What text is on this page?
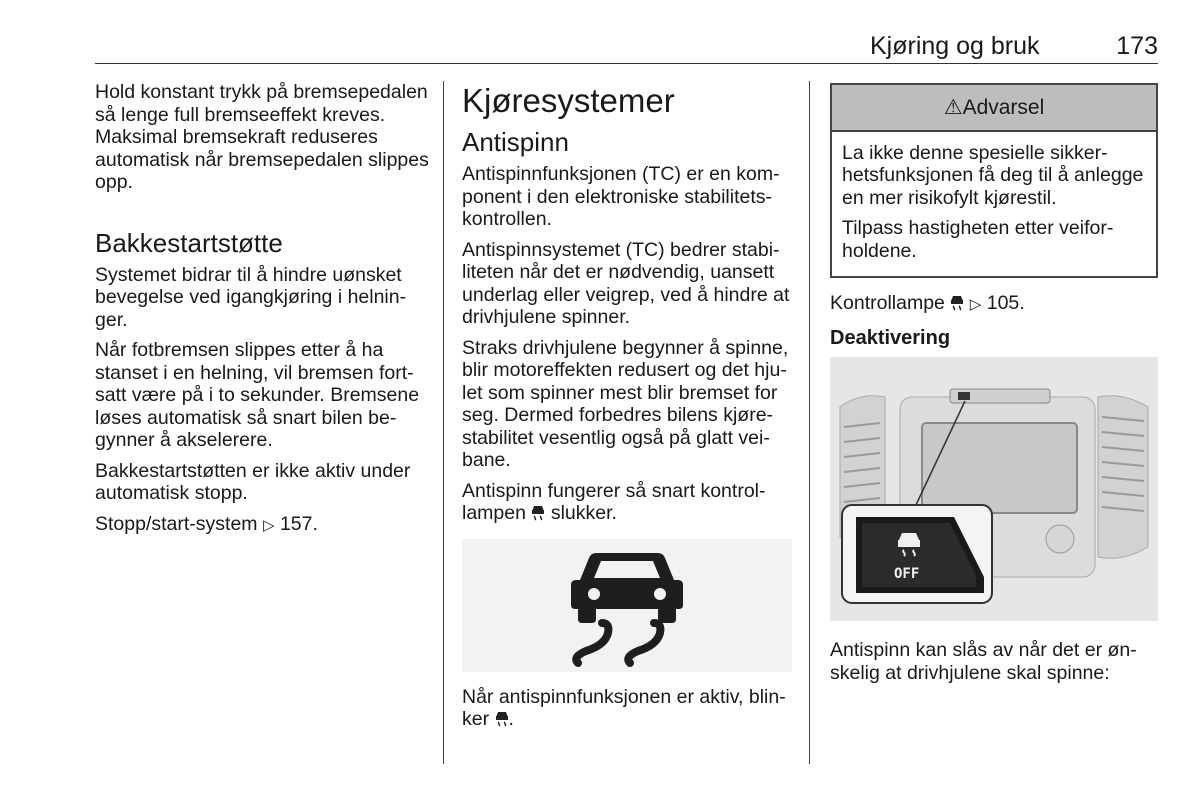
Kjøring og bruk	173

Hold konstant trykk på bremsepedalen så lenge full bremseeffekt kreves. Maksimal bremsekraft reduseres automatisk når bremsepedalen slippes opp.

Bakkestartstøtte

Systemet bidrar til å hindre uønsket bevegelse ved igangkjøring i helninger.

Når fotbremsen slippes etter å ha stanset i en helning, vil bremsen fortsatt være på i to sekunder. Bremsene løses automatisk så snart bilen begynner å akselerere.

Bakkestartstøtten er ikke aktiv under automatisk stopp.

Stopp/start-system ▷ 157.

Kjøresystemer
Antispinn

Antispinnfunksjonen (TC) er en komponent i den elektroniske stabilitetskontrollen.

Antispinnsystemet (TC) bedrer stabiliteten når det er nødvendig, uansett underlag eller veigrep, ved å hindre at drivhjulene spinner.

Straks drivhjulene begynner å spinne, blir motoreffekten redusert og det hjulet som spinner mest blir bremset for seg. Dermed forbedres bilens kjørestabilitet vesentlig også på glatt veibane.

Antispinn fungerer så snart kontrollampen slukker.

Når antispinnfunksjonen er aktiv, blinker .

⚠Advarsel

La ikke denne spesielle sikkerhetsfunksjonen få deg til å anlegge en mer risikofylt kjørestil.

Tilpass hastigheten etter veiforholdene.

Kontrollampe ▷ 105.

Deaktivering
OFF

Antispinn kan slås av når det er ønskelig at drivhjulene skal spinne:
